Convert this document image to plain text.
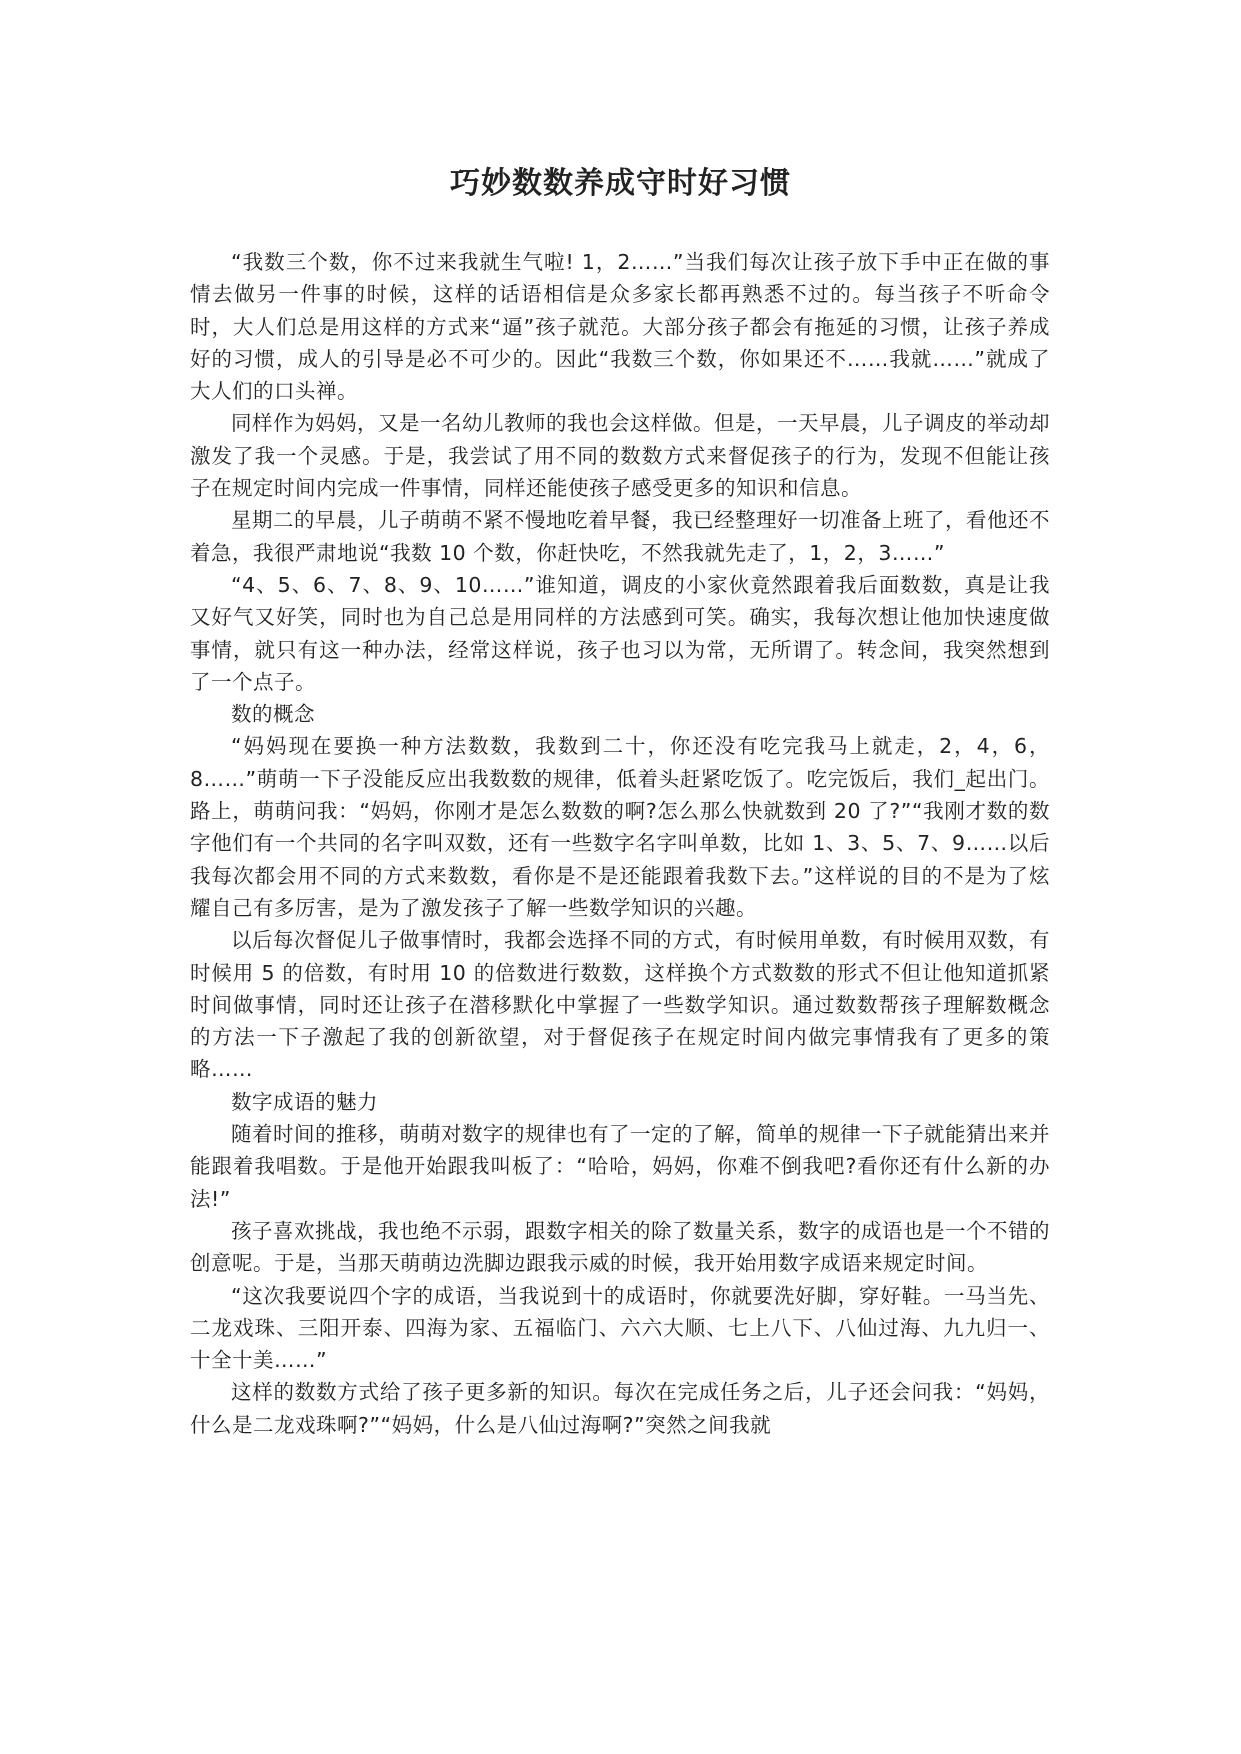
巧妙数数养成守时好习惯

“我数三个数，你不过来我就生气啦! 1，2……”当我们每次让孩子放下手中正在做的事情去做另一件事的时候，这样的话语相信是众多家长都再熟悉不过的。每当孩子不听命令时，大人们总是用这样的方式来“逼”孩子就范。大部分孩子都会有拖延的习惯，让孩子养成好的习惯，成人的引导是必不可少的。因此“我数三个数，你如果还不……我就……”就成了大人们的口头禅。

同样作为妈妈，又是一名幼儿教师的我也会这样做。但是，一天早晨，儿子调皮的举动却激发了我一个灵感。于是，我尝试了用不同的数数方式来督促孩子的行为，发现不但能让孩子在规定时间内完成一件事情，同样还能使孩子感受更多的知识和信息。

星期二的早晨，儿子萌萌不紧不慢地吃着早餐，我已经整理好一切准备上班了，看他还不着急，我很严肃地说“我数 10 个数，你赶快吃，不然我就先走了，1，2，3……”

“4、5、6、7、8、9、10……”谁知道，调皮的小家伙竟然跟着我后面数数，真是让我又好气又好笑，同时也为自己总是用同样的方法感到可笑。确实，我每次想让他加快速度做事情，就只有这一种办法，经常这样说，孩子也习以为常，无所谓了。转念间，我突然想到了一个点子。

数的概念

“妈妈现在要换一种方法数数，我数到二十，你还没有吃完我马上就走，2，4，6，8……”萌萌一下子没能反应出我数数的规律，低着头赶紧吃饭了。吃完饭后，我们_起出门。路上，萌萌问我：“妈妈，你刚才是怎么数数的啊?怎么那么快就数到 20 了?”“我刚才数的数字他们有一个共同的名字叫双数，还有一些数字名字叫单数，比如 1、3、5、7、9……以后我每次都会用不同的方式来数数，看你是不是还能跟着我数下去。”这样说的目的不是为了炫耀自己有多厉害，是为了激发孩子了解一些数学知识的兴趣。

以后每次督促儿子做事情时，我都会选择不同的方式，有时候用单数，有时候用双数，有时候用 5 的倍数，有时用 10 的倍数进行数数，这样换个方式数数的形式不但让他知道抓紧时间做事情，同时还让孩子在潜移默化中掌握了一些数学知识。通过数数帮孩子理解数概念的方法一下子激起了我的创新欲望，对于督促孩子在规定时间内做完事情我有了更多的策略……

数字成语的魅力

随着时间的推移，萌萌对数字的规律也有了一定的了解，简单的规律一下子就能猜出来并能跟着我唱数。于是他开始跟我叫板了：“哈哈，妈妈，你难不倒我吧?看你还有什么新的办法!”

孩子喜欢挑战，我也绝不示弱，跟数字相关的除了数量关系，数字的成语也是一个不错的创意呢。于是，当那天萌萌边洗脚边跟我示威的时候，我开始用数字成语来规定时间。

“这次我要说四个字的成语，当我说到十的成语时，你就要洗好脚，穿好鞋。一马当先、二龙戏珠、三阳开泰、四海为家、五福临门、六六大顺、七上八下、八仙过海、九九归一、十全十美……”

这样的数数方式给了孩子更多新的知识。每次在完成任务之后，儿子还会问我：“妈妈，什么是二龙戏珠啊?”“妈妈，什么是八仙过海啊?”突然之间我就
